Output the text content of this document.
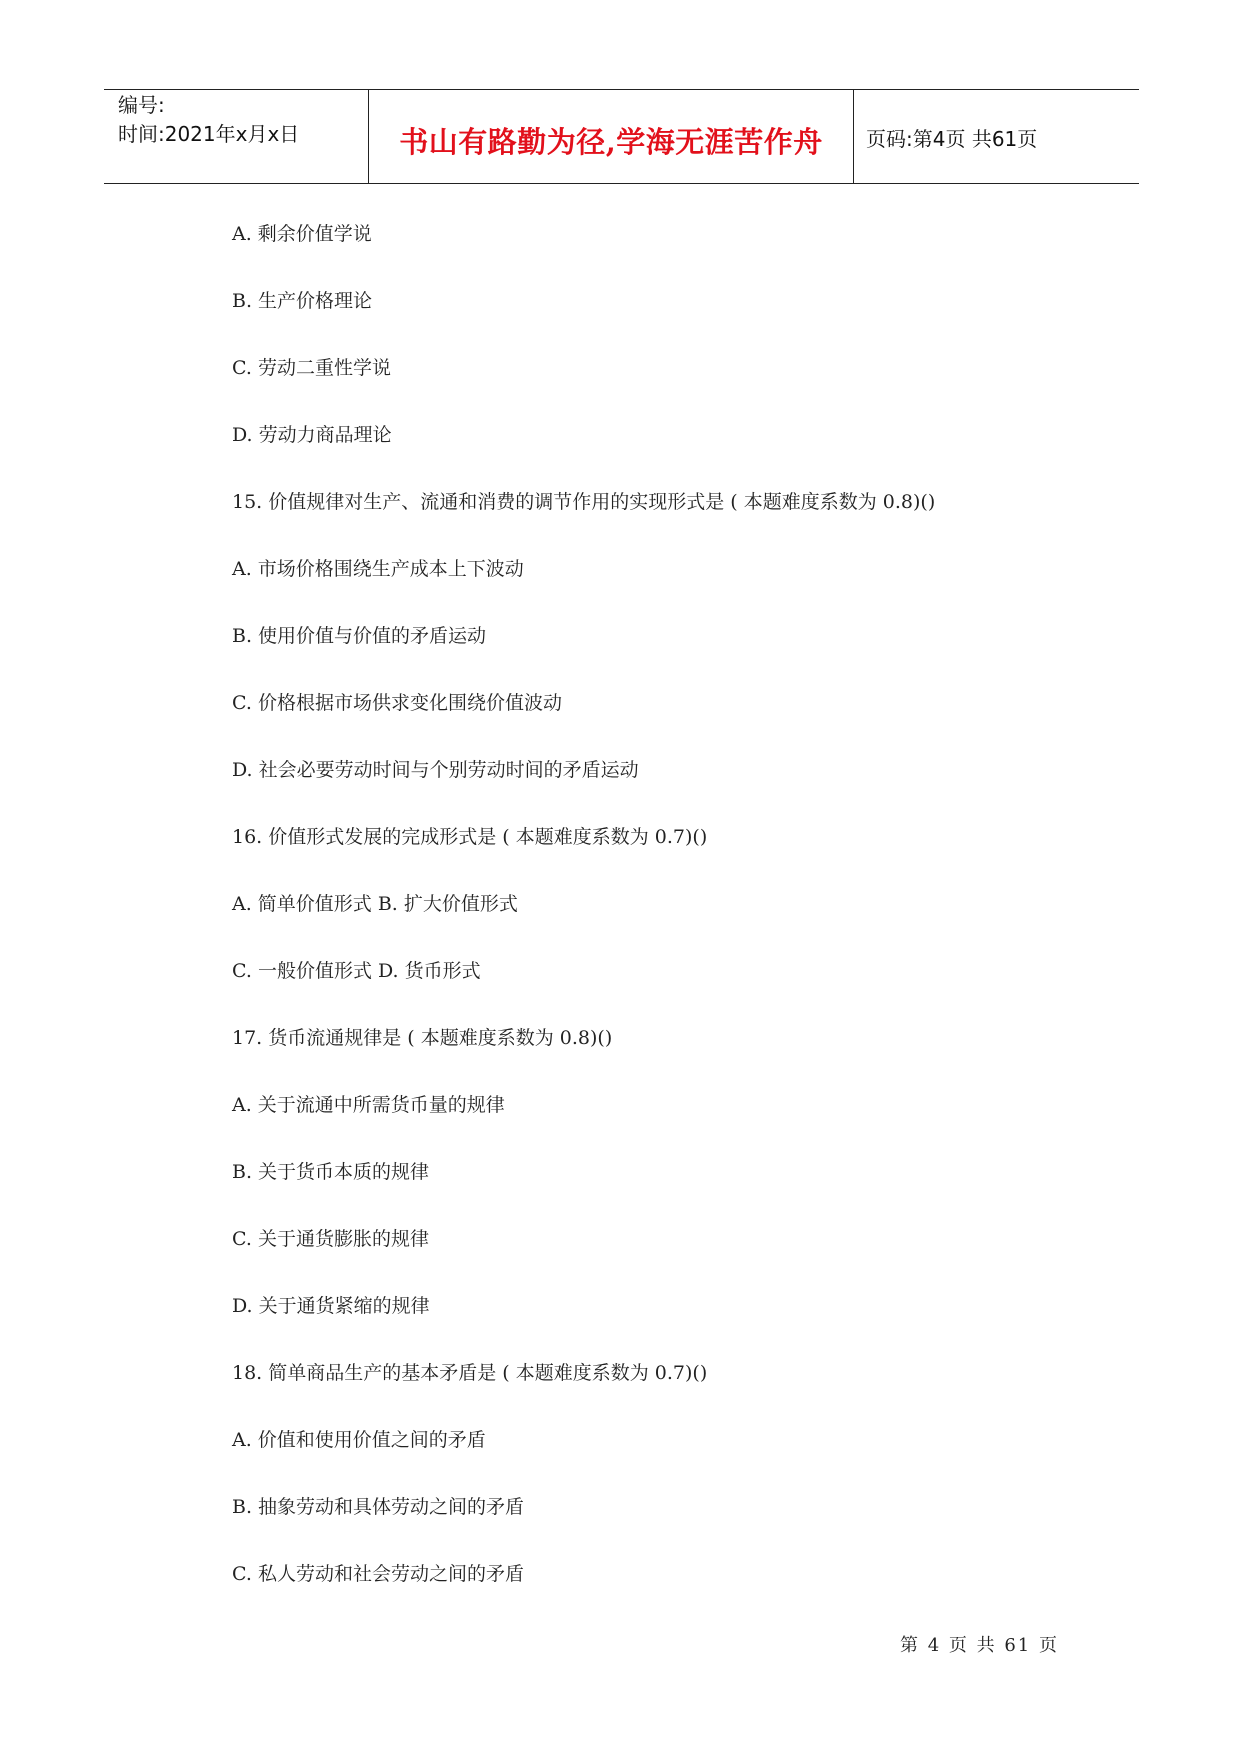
编号:
时间:2021年x月x日	书山有路勤为径,学海无涯苦作舟	页码:第4页 共61页
A. 剩余价值学说
B. 生产价格理论
C. 劳动二重性学说
D. 劳动力商品理论
15. 价值规律对生产、流通和消费的调节作用的实现形式是 ( 本题难度系数为 0.8)()
A. 市场价格围绕生产成本上下波动
B. 使用价值与价值的矛盾运动
C. 价格根据市场供求变化围绕价值波动
D. 社会必要劳动时间与个别劳动时间的矛盾运动
16. 价值形式发展的完成形式是 ( 本题难度系数为 0.7)()
A. 简单价值形式 B. 扩大价值形式
C. 一般价值形式 D. 货币形式
17. 货币流通规律是 ( 本题难度系数为 0.8)()
A. 关于流通中所需货币量的规律
B. 关于货币本质的规律
C. 关于通货膨胀的规律
D. 关于通货紧缩的规律
18. 简单商品生产的基本矛盾是 ( 本题难度系数为 0.7)()
A. 价值和使用价值之间的矛盾
B. 抽象劳动和具体劳动之间的矛盾
C. 私人劳动和社会劳动之间的矛盾
第 4 页 共 61 页
